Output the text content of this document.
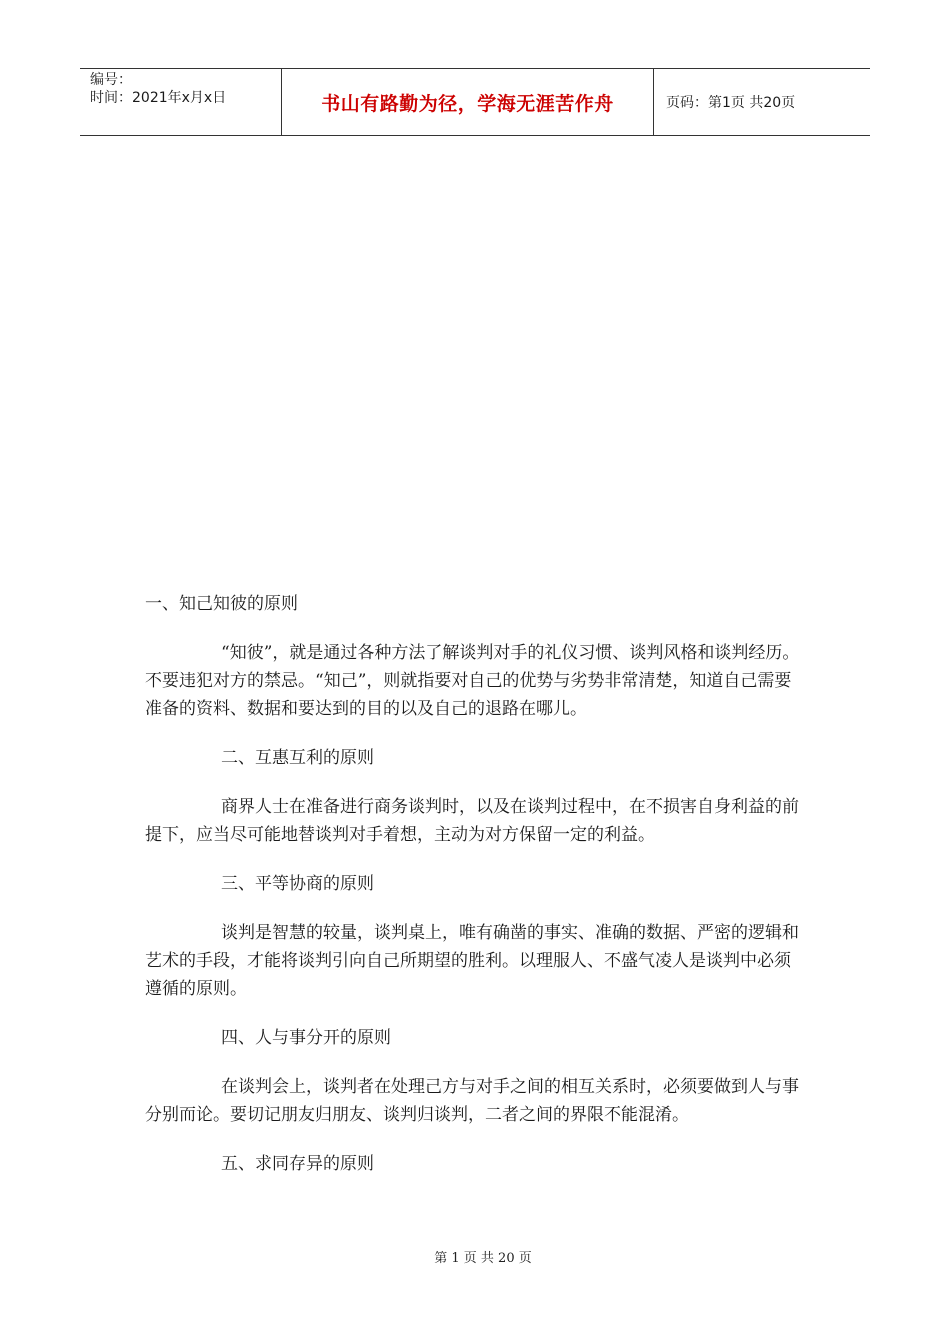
编号：
时间：2021年x月x日	书山有路勤为径，学海无涯苦作舟	页码：第1页 共20页

一、知己知彼的原则

“知彼”，就是通过各种方法了解谈判对手的礼仪习惯、谈判风格和谈判经历。不要违犯对方的禁忌。“知己”，则就指要对自己的优势与劣势非常清楚，知道自己需要准备的资料、数据和要达到的目的以及自己的退路在哪儿。

二、互惠互利的原则

商界人士在准备进行商务谈判时，以及在谈判过程中，在不损害自身利益的前提下，应当尽可能地替谈判对手着想，主动为对方保留一定的利益。

三、平等协商的原则

谈判是智慧的较量，谈判桌上，唯有确凿的事实、准确的数据、严密的逻辑和艺术的手段，才能将谈判引向自己所期望的胜利。以理服人、不盛气凌人是谈判中必须遵循的原则。

四、人与事分开的原则

在谈判会上，谈判者在处理己方与对手之间的相互关系时，必须要做到人与事分别而论。要切记朋友归朋友、谈判归谈判，二者之间的界限不能混淆。

五、求同存异的原则

第 1 页 共 20 页
